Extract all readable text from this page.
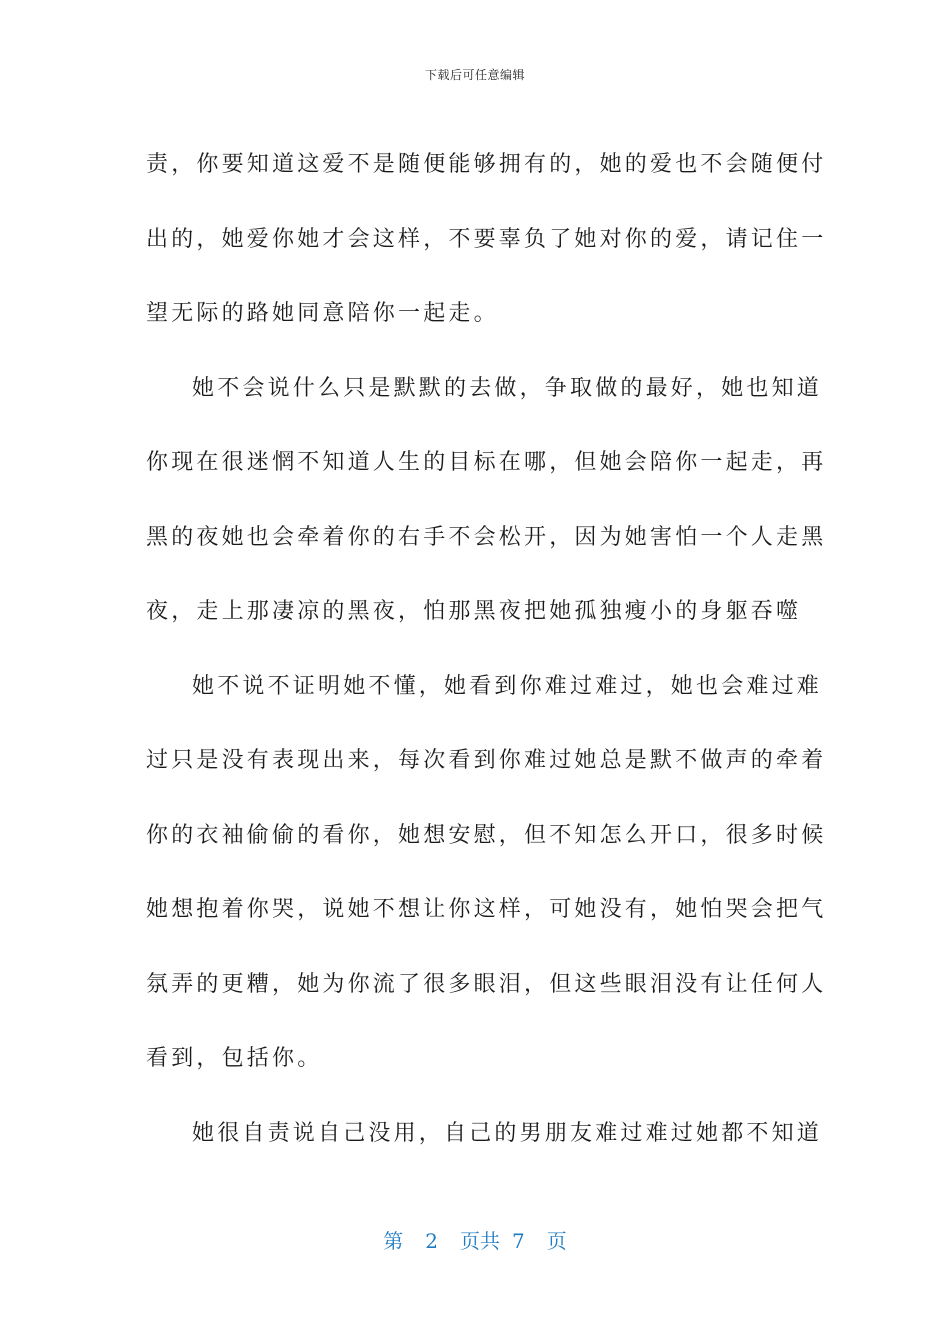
下载后可任意编辑
责，你要知道这爱不是随便能够拥有的，她的爱也不会随便付
出的，她爱你她才会这样，不要辜负了她对你的爱，请记住一
望无际的路她同意陪你一起走。
她不会说什么只是默默的去做，争取做的最好，她也知道
你现在很迷惘不知道人生的目标在哪，但她会陪你一起走，再
黑的夜她也会牵着你的右手不会松开，因为她害怕一个人走黑
夜，走上那凄凉的黑夜，怕那黑夜把她孤独瘦小的身躯吞噬
她不说不证明她不懂，她看到你难过难过，她也会难过难
过只是没有表现出来，每次看到你难过她总是默不做声的牵着
你的衣袖偷偷的看你，她想安慰，但不知怎么开口，很多时候
她想抱着你哭，说她不想让你这样，可她没有，她怕哭会把气
氛弄的更糟，她为你流了很多眼泪，但这些眼泪没有让任何人
看到，包括你。
她很自责说自己没用，自己的男朋友难过难过她都不知道
第 2 页共 7 页
